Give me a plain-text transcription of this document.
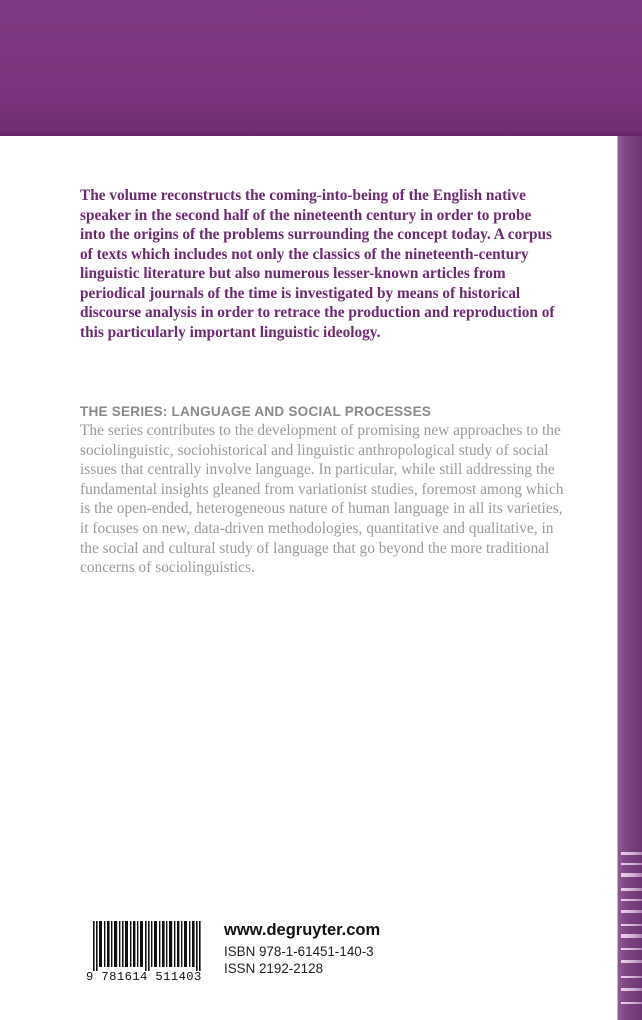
The volume reconstructs the coming-into-being of the English native speaker in the second half of the nineteenth century in order to probe into the origins of the problems surrounding the concept today. A corpus of texts which includes not only the classics of the nineteenth-century linguistic literature but also numerous lesser-known articles from periodical journals of the time is investigated by means of historical discourse analysis in order to retrace the production and reproduction of this particularly important linguistic ideology.

THE SERIES: LANGUAGE AND SOCIAL PROCESSES

The series contributes to the development of promising new approaches to the sociolinguistic, sociohistorical and linguistic anthropological study of social issues that centrally involve language. In particular, while still addressing the fundamental insights gleaned from variationist studies, foremost among which is the open-ended, heterogeneous nature of human language in all its varieties, it focuses on new, data-driven methodologies, quantitative and qualitative, in the social and cultural study of language that go beyond the more traditional concerns of sociolinguistics.

9 781614 511403
www.degruyter.com
ISBN 978-1-61451-140-3
ISSN 2192-2128
